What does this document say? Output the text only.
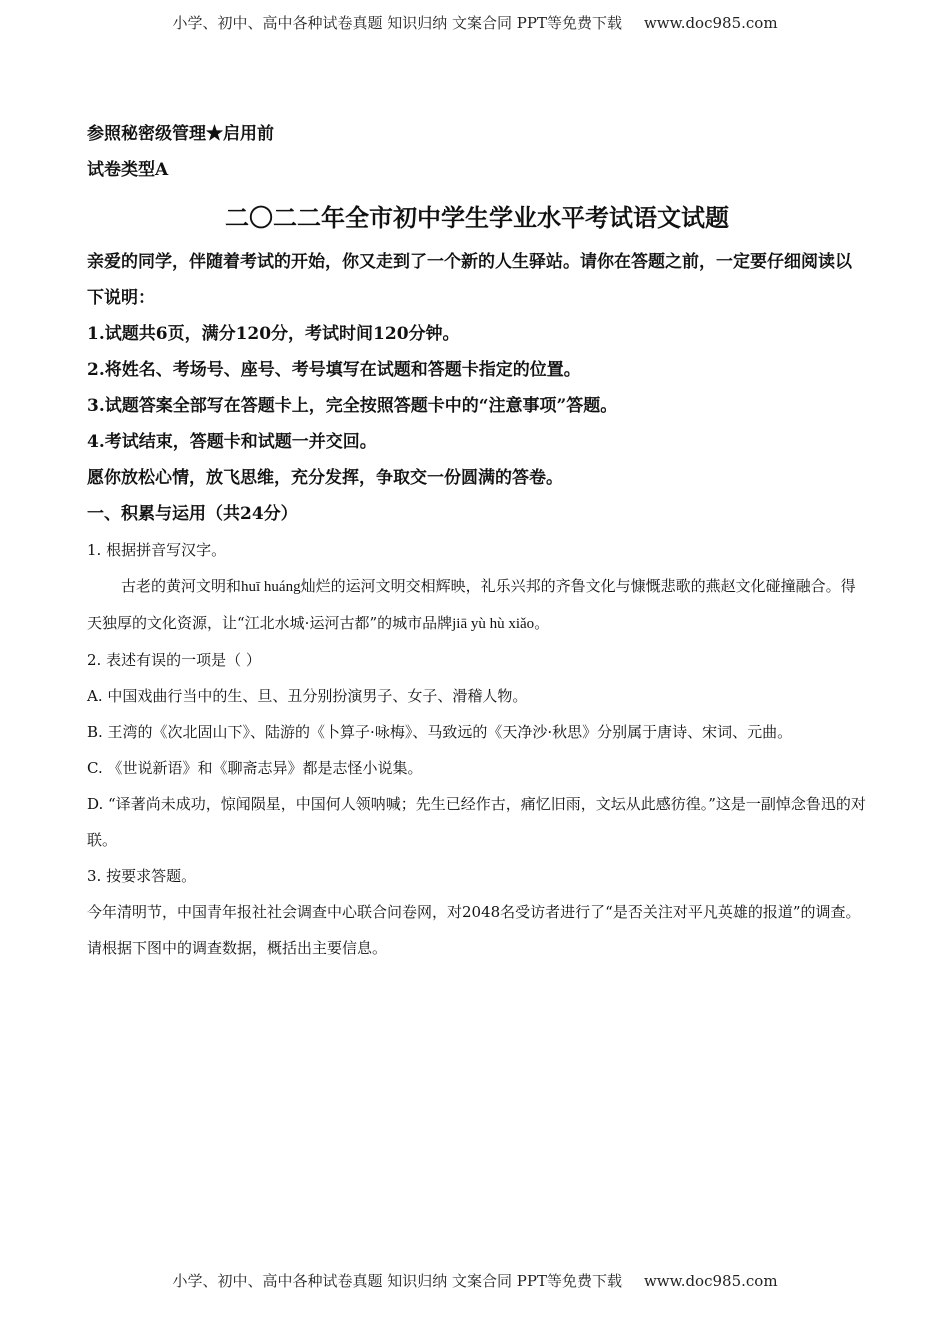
小学、初中、高中各种试卷真题 知识归纳 文案合同 PPT等免费下载 www.doc985.com
参照秘密级管理★启用前
试卷类型A
二〇二二年全市初中学生学业水平考试语文试题
亲爱的同学，伴随着考试的开始，你又走到了一个新的人生驿站。请你在答题之前，一定要仔细阅读以下说明：
1.试题共6页，满分120分，考试时间120分钟。
2.将姓名、考场号、座号、考号填写在试题和答题卡指定的位置。
3.试题答案全部写在答题卡上，完全按照答题卡中的“注意事项”答题。
4.考试结束，答题卡和试题一并交回。
愿你放松心情，放飞思维，充分发挥，争取交一份圆满的答卷。
一、积累与运用（共24分）
1. 根据拼音写汉字。
古老的黄河文明和huī huáng灿烂的运河文明交相辉映，礼乐兴邦的齐鲁文化与慷慨悲歌的燕赵文化碰撞融合。得天独厚的文化资源，让“江北水城·运河古都”的城市品牌jiā yù hù xiǎo。
2. 表述有误的一项是（ ）
A. 中国戏曲行当中的生、旦、丑分别扮演男子、女子、滑稽人物。
B. 王湾的《次北固山下》、陆游的《卜算子·咏梅》、马致远的《天净沙·秋思》分别属于唐诗、宋词、元曲。
C. 《世说新语》和《聊斋志异》都是志怪小说集。
D. “译著尚未成功，惊闻陨星，中国何人领呐喊；先生已经作古，痛忆旧雨，文坛从此感彷徨。”这是一副悼念鲁迅的对联。
3. 按要求答题。
今年清明节，中国青年报社社会调查中心联合问卷网，对2048名受访者进行了“是否关注对平凡英雄的报道”的调查。请根据下图中的调查数据，概括出主要信息。
小学、初中、高中各种试卷真题 知识归纳 文案合同 PPT等免费下载 www.doc985.com
